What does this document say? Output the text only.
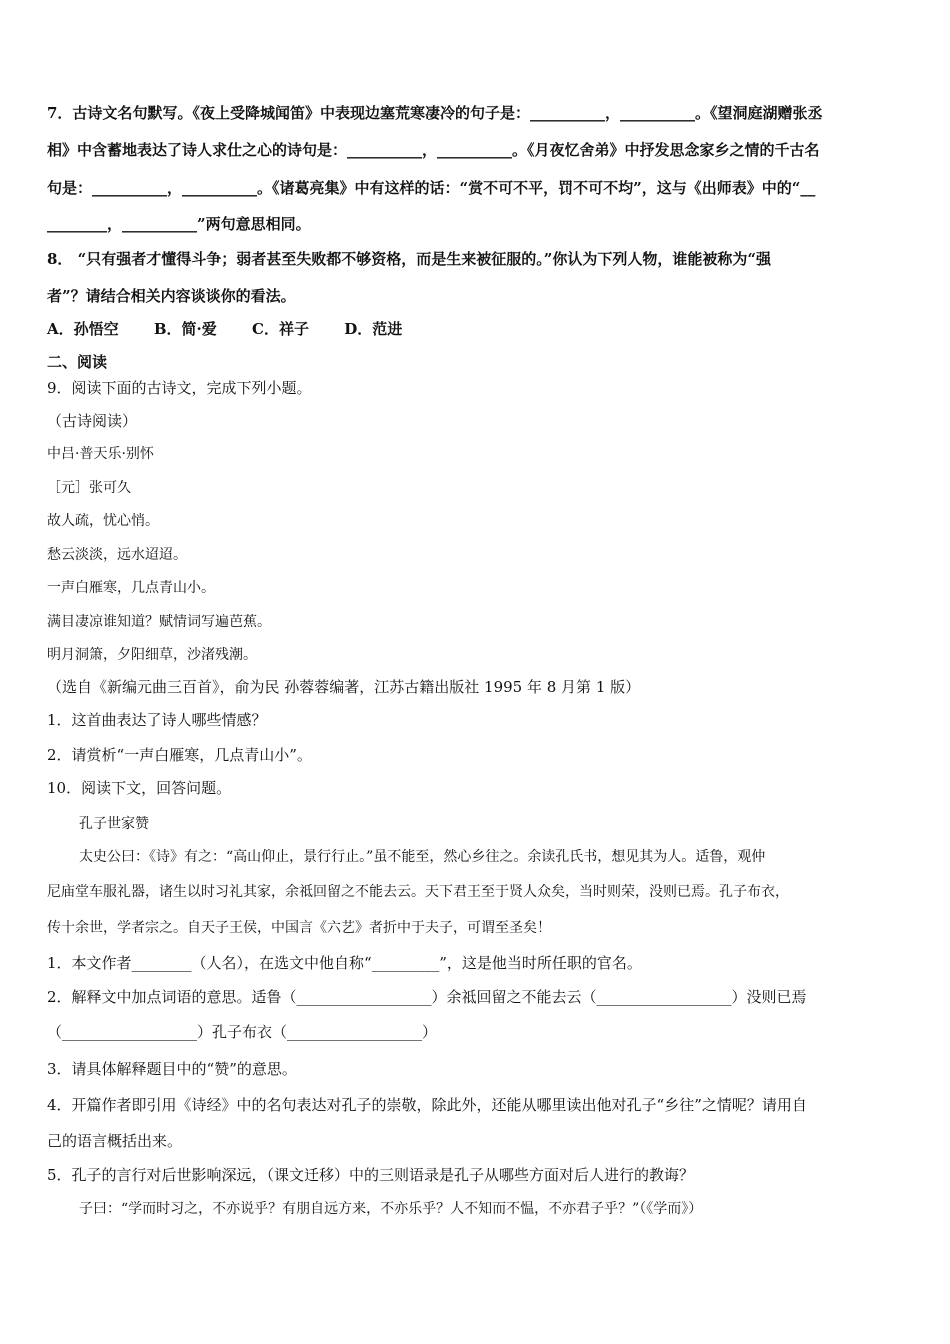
7．古诗文名句默写。《夜上受降城闻笛》中表现边塞荒寒凄冷的句子是：__________，__________。《望洞庭湖赠张丞
相》中含蓄地表达了诗人求仕之心的诗句是：__________，__________。《月夜忆舍弟》中抒发思念家乡之情的千古名
句是：__________，__________。《诸葛亮集》中有这样的话：“赏不可不平，罚不可不均”，这与《出师表》中的“__
________，__________”两句意思相同。
8． “只有强者才懂得斗争；弱者甚至失败都不够资格，而是生来被征服的。”你认为下列人物，谁能被称为“强
者”？请结合相关内容谈谈你的看法。
A．孙悟空 B．简·爱 C．祥子 D．范进
二、阅读
9．阅读下面的古诗文，完成下列小题。
（古诗阅读）
中吕·普天乐·别怀
［元］张可久
故人疏，忧心悄。
愁云淡淡，远水迢迢。
一声白雁寒，几点青山小。
满目凄凉谁知道？赋情词写遍芭蕉。
明月洞箫，夕阳细草，沙渚残潮。
（选自《新编元曲三百首》，俞为民 孙蓉蓉编著，江苏古籍出版社 1995 年 8 月第 1 版）
1．这首曲表达了诗人哪些情感？
2．请赏析“一声白雁寒，几点青山小”。
10．阅读下文，回答问题。
孔子世家赞
太史公曰：《诗》有之：“高山仰止，景行行止。”虽不能至，然心乡往之。余读孔氏书，想见其为人。适鲁，观仲
尼庙堂车服礼器，诸生以时习礼其家，余祗回留之不能去云。天下君王至于贤人众矣，当时则荣，没则已焉。孔子布衣，
传十余世，学者宗之。自天子王侯，中国言《六艺》者折中于夫子，可谓至圣矣！
1．本文作者________（人名），在选文中他自称“_________”，这是他当时所任职的官名。
2．解释文中加点词语的意思。适鲁（__________________）余祗回留之不能去云（__________________）没则已焉
（__________________）孔子布衣（__________________）
3．请具体解释题目中的“赞”的意思。
4．开篇作者即引用《诗经》中的名句表达对孔子的崇敬，除此外，还能从哪里读出他对孔子“乡往”之情呢？请用自
己的语言概括出来。
5．孔子的言行对后世影响深远，（课文迁移）中的三则语录是孔子从哪些方面对后人进行的教诲？
子曰：“学而时习之，不亦说乎？有朋自远方来，不亦乐乎？人不知而不愠，不亦君子乎？”（《学而》）
